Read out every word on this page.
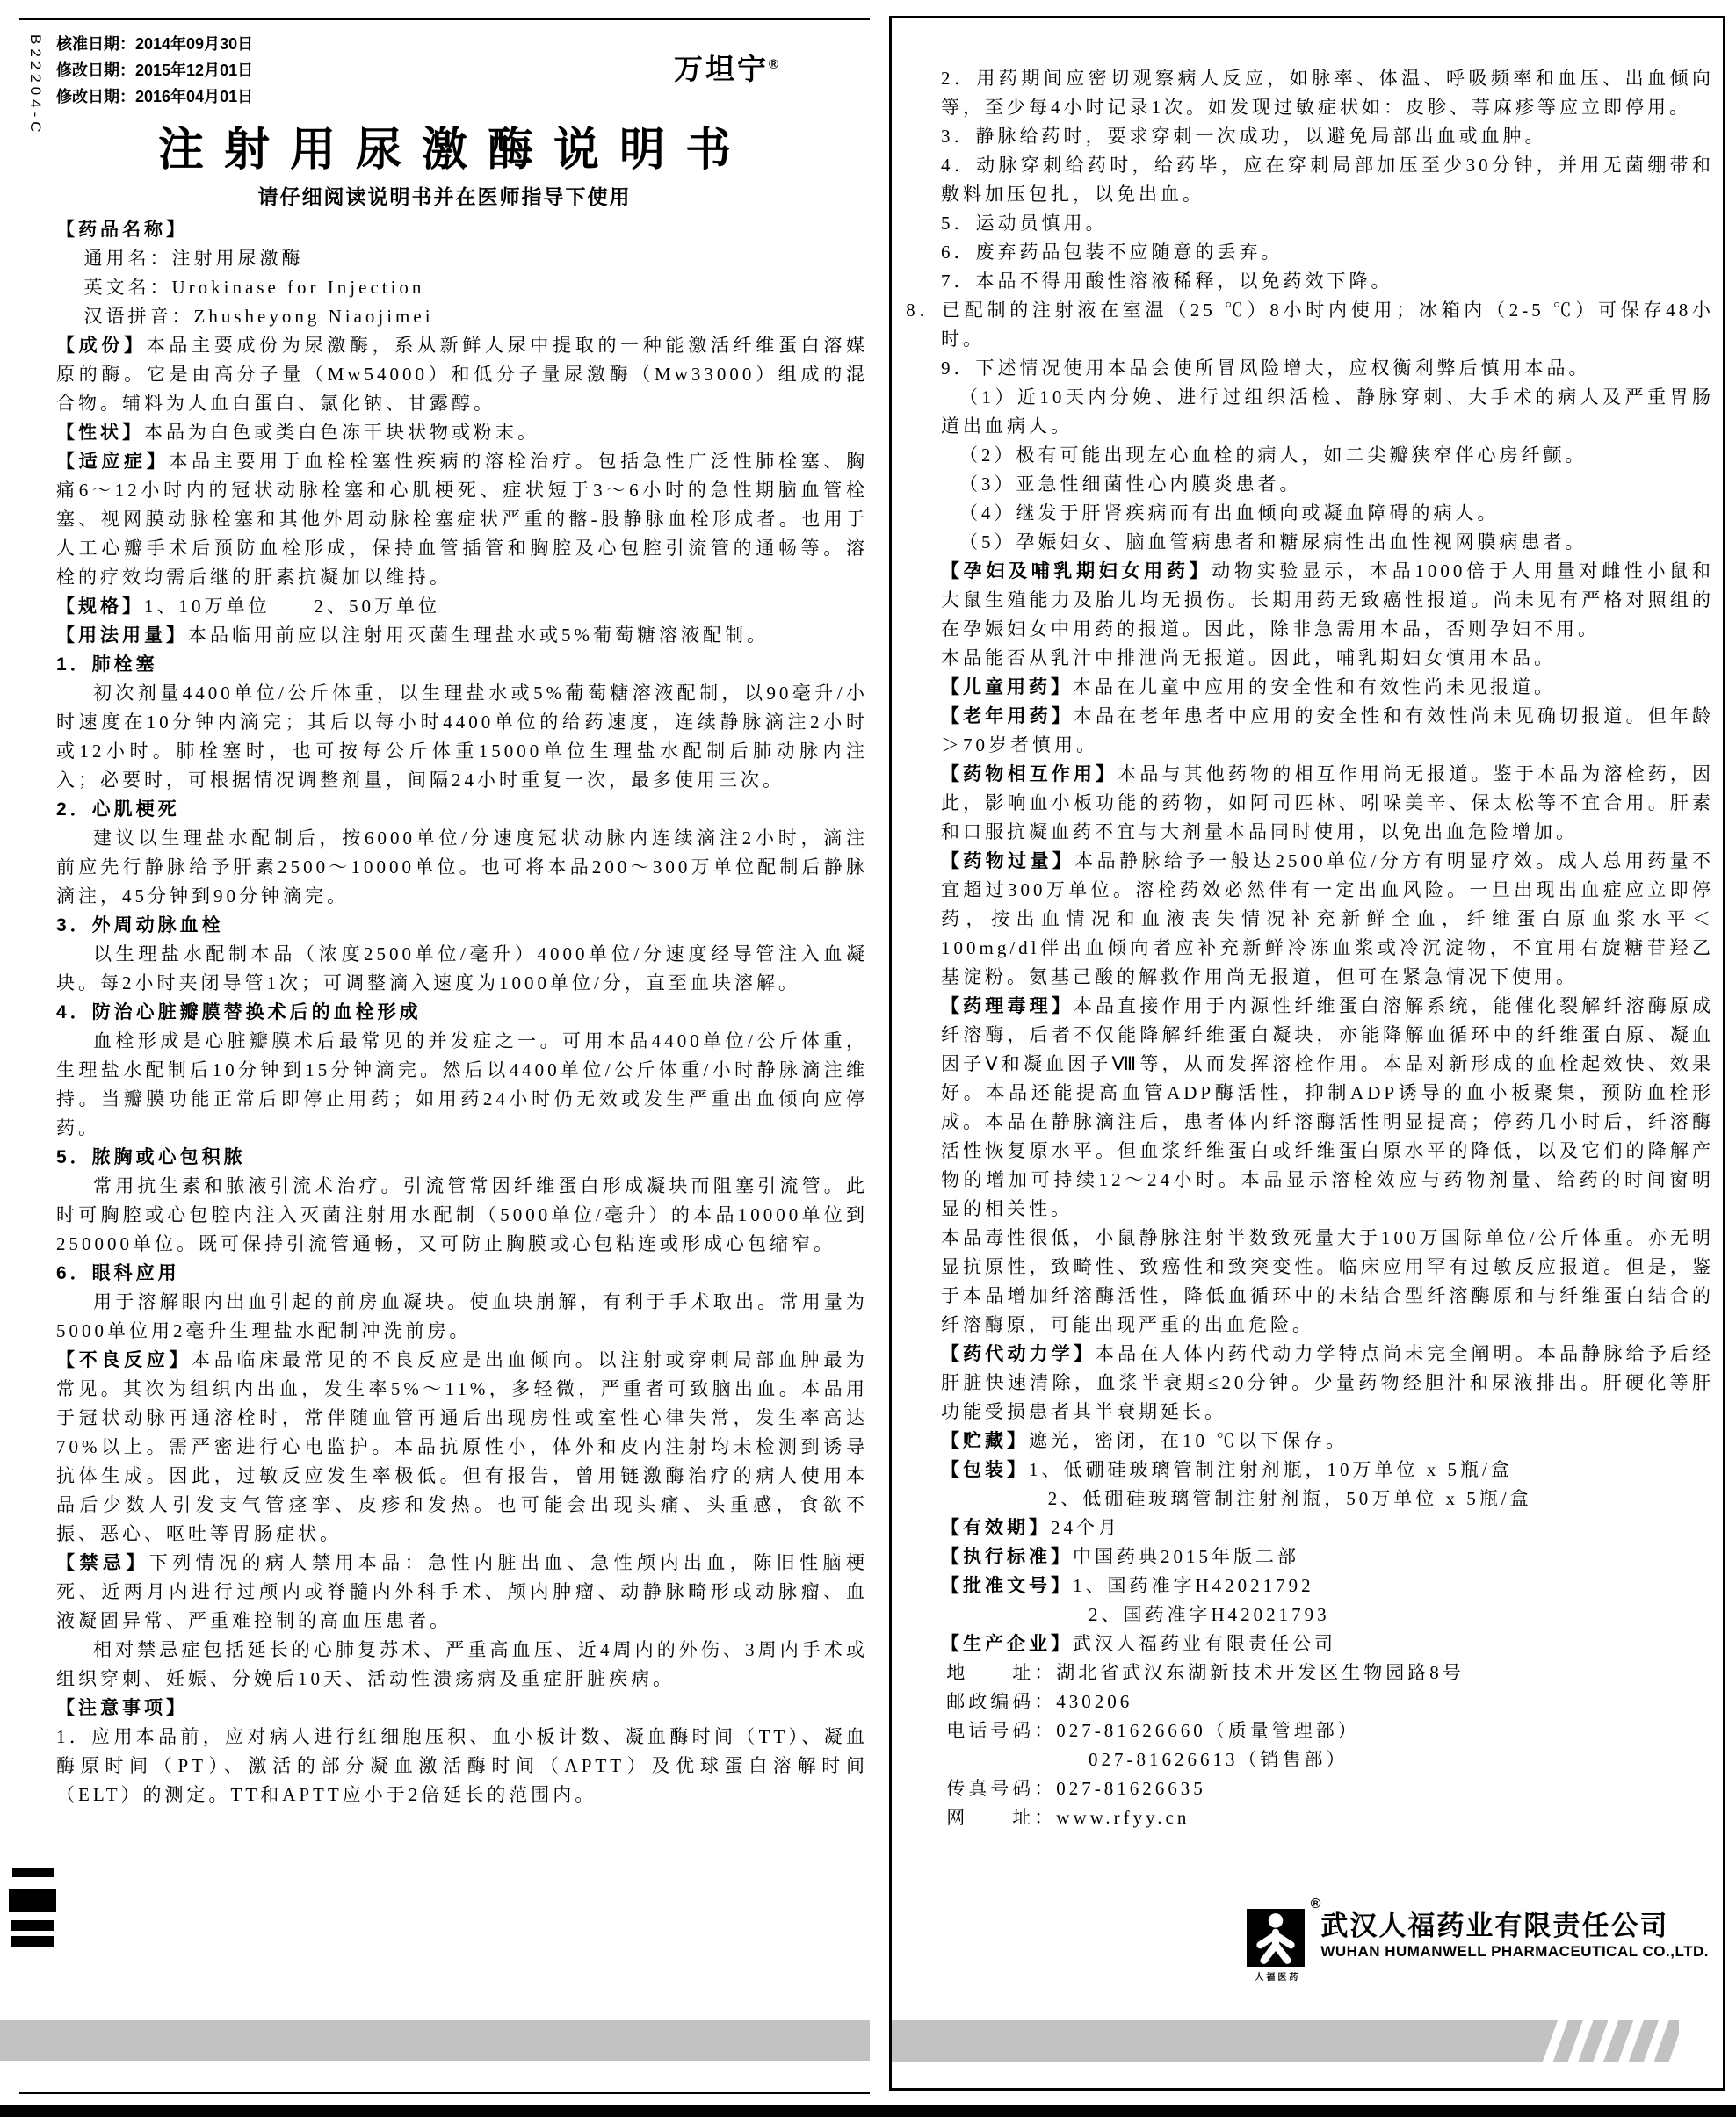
B22204-C 核准日期：2014年09月30日
修改日期：2015年12月01日
修改日期：2016年04月01日
万坦宁®
注射用尿激酶说明书
请仔细阅读说明书并在医师指导下使用

【药品名称】

通用名：注射用尿激酶

英文名：Urokinase for Injection

汉语拼音：Zhusheyong Niaojimei

【成份】本品主要成份为尿激酶，系从新鲜人尿中提取的一种能激活纤维蛋白溶媒原的酶。它是由高分子量（Mw54000）和低分子量尿激酶（Mw33000）组成的混合物。辅料为人血白蛋白、氯化钠、甘露醇。

【性状】本品为白色或类白色冻干块状物或粉末。

【适应症】本品主要用于血栓栓塞性疾病的溶栓治疗。包括急性广泛性肺栓塞、胸痛6～12小时内的冠状动脉栓塞和心肌梗死、症状短于3～6小时的急性期脑血管栓塞、视网膜动脉栓塞和其他外周动脉栓塞症状严重的髂-股静脉血栓形成者。也用于人工心瓣手术后预防血栓形成，保持血管插管和胸腔及心包腔引流管的通畅等。溶栓的疗效均需后继的肝素抗凝加以维持。

【规格】1、10万单位　　2、50万单位

【用法用量】本品临用前应以注射用灭菌生理盐水或5%葡萄糖溶液配制。

1．肺栓塞

初次剂量4400单位/公斤体重，以生理盐水或5%葡萄糖溶液配制，以90毫升/小时速度在10分钟内滴完；其后以每小时4400单位的给药速度，连续静脉滴注2小时或12小时。肺栓塞时，也可按每公斤体重15000单位生理盐水配制后肺动脉内注入；必要时，可根据情况调整剂量，间隔24小时重复一次，最多使用三次。

2．心肌梗死

建议以生理盐水配制后，按6000单位/分速度冠状动脉内连续滴注2小时，滴注前应先行静脉给予肝素2500～10000单位。也可将本品200～300万单位配制后静脉滴注，45分钟到90分钟滴完。

3．外周动脉血栓

以生理盐水配制本品（浓度2500单位/毫升）4000单位/分速度经导管注入血凝块。每2小时夹闭导管1次；可调整滴入速度为1000单位/分，直至血块溶解。

4．防治心脏瓣膜替换术后的血栓形成

血栓形成是心脏瓣膜术后最常见的并发症之一。可用本品4400单位/公斤体重，生理盐水配制后10分钟到15分钟滴完。然后以4400单位/公斤体重/小时静脉滴注维持。当瓣膜功能正常后即停止用药；如用药24小时仍无效或发生严重出血倾向应停药。

5．脓胸或心包积脓

常用抗生素和脓液引流术治疗。引流管常因纤维蛋白形成凝块而阻塞引流管。此时可胸腔或心包腔内注入灭菌注射用水配制（5000单位/毫升）的本品10000单位到250000单位。既可保持引流管通畅，又可防止胸膜或心包粘连或形成心包缩窄。

6．眼科应用

用于溶解眼内出血引起的前房血凝块。使血块崩解，有利于手术取出。常用量为5000单位用2毫升生理盐水配制冲洗前房。

【不良反应】本品临床最常见的不良反应是出血倾向。以注射或穿刺局部血肿最为常见。其次为组织内出血，发生率5%～11%，多轻微，严重者可致脑出血。本品用于冠状动脉再通溶栓时，常伴随血管再通后出现房性或室性心律失常，发生率高达70%以上。需严密进行心电监护。本品抗原性小，体外和皮内注射均未检测到诱导抗体生成。因此，过敏反应发生率极低。但有报告，曾用链激酶治疗的病人使用本品后少数人引发支气管痉挛、皮疹和发热。也可能会出现头痛、头重感，食欲不振、恶心、呕吐等胃肠症状。

【禁忌】下列情况的病人禁用本品：急性内脏出血、急性颅内出血，陈旧性脑梗死、近两月内进行过颅内或脊髓内外科手术、颅内肿瘤、动静脉畸形或动脉瘤、血液凝固异常、严重难控制的高血压患者。

相对禁忌症包括延长的心肺复苏术、严重高血压、近4周内的外伤、3周内手术或组织穿刺、妊娠、分娩后10天、活动性溃疡病及重症肝脏疾病。

【注意事项】

1．应用本品前，应对病人进行红细胞压积、血小板计数、凝血酶时间（TT）、凝血酶原时间（PT）、激活的部分凝血激活酶时间（APTT）及优球蛋白溶解时间（ELT）的测定。TT和APTT应小于2倍延长的范围内。

2．用药期间应密切观察病人反应，如脉率、体温、呼吸频率和血压、出血倾向等，至少每4小时记录1次。如发现过敏症状如：皮胗、荨麻疹等应立即停用。

3．静脉给药时，要求穿刺一次成功，以避免局部出血或血肿。

4．动脉穿刺给药时，给药毕，应在穿刺局部加压至少30分钟，并用无菌绷带和敷料加压包扎，以免出血。

5．运动员慎用。

6．废弃药品包装不应随意的丢弃。

7．本品不得用酸性溶液稀释，以免药效下降。

8．已配制的注射液在室温（25 ℃）8小时内使用；冰箱内（2-5 ℃）可保存48小时。

9．下述情况使用本品会使所冒风险增大，应权衡利弊后慎用本品。

（1）近10天内分娩、进行过组织活检、静脉穿刺、大手术的病人及严重胃肠道出血病人。

（2）极有可能出现左心血栓的病人，如二尖瓣狭窄伴心房纤颤。

（3）亚急性细菌性心内膜炎患者。

（4）继发于肝肾疾病而有出血倾向或凝血障碍的病人。

（5）孕娠妇女、脑血管病患者和糖尿病性出血性视网膜病患者。

【孕妇及哺乳期妇女用药】动物实验显示，本品1000倍于人用量对雌性小鼠和大鼠生殖能力及胎儿均无损伤。长期用药无致癌性报道。尚未见有严格对照组的在孕娠妇女中用药的报道。因此，除非急需用本品，否则孕妇不用。

本品能否从乳汁中排泄尚无报道。因此，哺乳期妇女慎用本品。

【儿童用药】本品在儿童中应用的安全性和有效性尚未见报道。

【老年用药】本品在老年患者中应用的安全性和有效性尚未见确切报道。但年龄＞70岁者慎用。

【药物相互作用】本品与其他药物的相互作用尚无报道。鉴于本品为溶栓药，因此，影响血小板功能的药物，如阿司匹林、吲哚美辛、保太松等不宜合用。肝素和口服抗凝血药不宜与大剂量本品同时使用，以免出血危险增加。

【药物过量】本品静脉给予一般达2500单位/分方有明显疗效。成人总用药量不宜超过300万单位。溶栓药效必然伴有一定出血风险。一旦出现出血症应立即停药，按出血情况和血液丧失情况补充新鲜全血，纤维蛋白原血浆水平＜100mg/dl伴出血倾向者应补充新鲜冷冻血浆或冷沉淀物，不宜用右旋糖苷羟乙基淀粉。氨基己酸的解救作用尚无报道，但可在紧急情况下使用。

【药理毒理】本品直接作用于内源性纤维蛋白溶解系统，能催化裂解纤溶酶原成纤溶酶，后者不仅能降解纤维蛋白凝块，亦能降解血循环中的纤维蛋白原、凝血因子Ⅴ和凝血因子Ⅷ等，从而发挥溶栓作用。本品对新形成的血栓起效快、效果好。本品还能提高血管ADP酶活性，抑制ADP诱导的血小板聚集，预防血栓形成。本品在静脉滴注后，患者体内纤溶酶活性明显提高；停药几小时后，纤溶酶活性恢复原水平。但血浆纤维蛋白或纤维蛋白原水平的降低，以及它们的降解产物的增加可持续12～24小时。本品显示溶栓效应与药物剂量、给药的时间窗明显的相关性。

本品毒性很低，小鼠静脉注射半数致死量大于100万国际单位/公斤体重。亦无明显抗原性，致畸性、致癌性和致突变性。临床应用罕有过敏反应报道。但是，鉴于本品增加纤溶酶活性，降低血循环中的未结合型纤溶酶原和与纤维蛋白结合的纤溶酶原，可能出现严重的出血危险。

【药代动力学】本品在人体内药代动力学特点尚未完全阐明。本品静脉给予后经肝脏快速清除，血浆半衰期≤20分钟。少量药物经胆汁和尿液排出。肝硬化等肝功能受损患者其半衰期延长。

【贮藏】遮光，密闭，在10 ℃以下保存。

【包装】1、低硼硅玻璃管制注射剂瓶，10万单位 x 5瓶/盒

2、低硼硅玻璃管制注射剂瓶，50万单位 x 5瓶/盒

【有效期】24个月

【执行标准】中国药典2015年版二部

【批准文号】1、国药准字H42021792

2、国药准字H42021793

【生产企业】武汉人福药业有限责任公司

地　　址：湖北省武汉东湖新技术开发区生物园路8号

邮政编码：430206

电话号码：027-81626660（质量管理部）

027-81626613（销售部）

传真号码：027-81626635

网　　址：www.rfyy.cn

®
人福医药
武汉人福药业有限责任公司
WUHAN HUMANWELL PHARMACEUTICAL CO.,LTD.
